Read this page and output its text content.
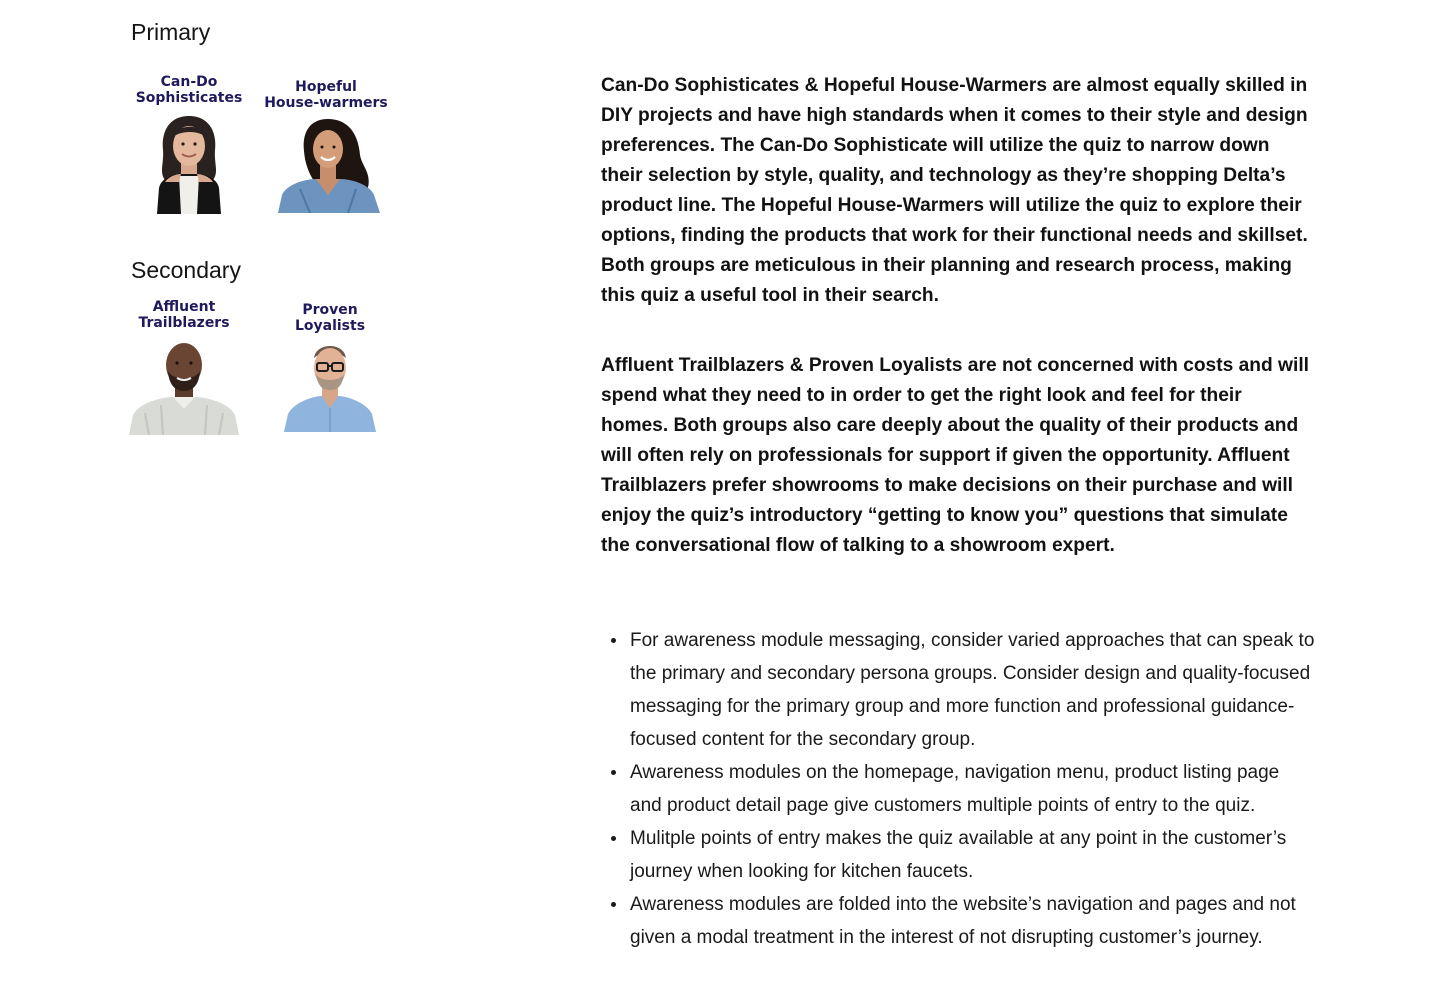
Primary
Can-Do
Sophisticates
Hopeful
House-warmers
Secondary
Affluent
Trailblazers
Proven
Loyalists

Can-Do Sophisticates & Hopeful House-Warmers are almost equally skilled in DIY projects and have high standards when it comes to their style and design preferences. The Can-Do Sophisticate will utilize the quiz to narrow down their selection by style, quality, and technology as they’re shopping Delta’s product line. The Hopeful House-Warmers will utilize the quiz to explore their options, finding the products that work for their functional needs and skillset. Both groups are meticulous in their planning and research process, making this quiz a useful tool in their search.

Affluent Trailblazers & Proven Loyalists are not concerned with costs and will spend what they need to in order to get the right look and feel for their homes. Both groups also care deeply about the quality of their products and will often rely on professionals for support if given the opportunity. Affluent Trailblazers prefer showrooms to make decisions on their purchase and will enjoy the quiz’s introductory “getting to know you” questions that simulate the conversational flow of talking to a showroom expert.

For awareness module messaging, consider varied approaches that can speak to the primary and secondary persona groups. Consider design and quality-focused messaging for the primary group and more function and professional guidance-focused content for the secondary group.
Awareness modules on the homepage, navigation menu, product listing page and product detail page give customers multiple points of entry to the quiz.
Mulitple points of entry makes the quiz available at any point in the customer’s journey when looking for kitchen faucets.
Awareness modules are folded into the website’s navigation and pages and not given a modal treatment in the interest of not disrupting customer’s journey.
